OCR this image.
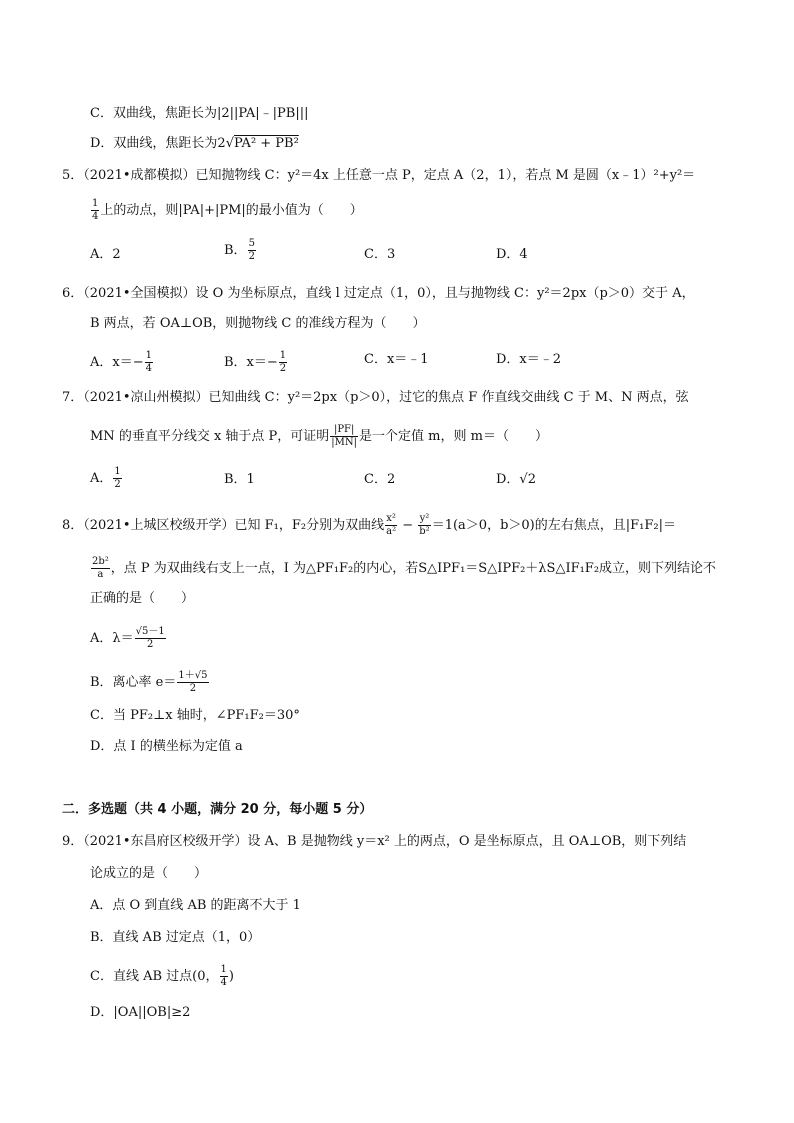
C．双曲线，焦距长为|2||PA|﹣|PB|||
D．双曲线，焦距长为2√PA² + PB²
5．（2021•成都模拟）已知抛物线 C：y²＝4x 上任意一点 P，定点 A（2，1），若点 M 是圆（x﹣1）²+y²＝
$\frac{1}{4}$ 上的动点，则|PA|+|PM|的最小值为（　　）
A．2	B． $\frac{5}{2}$	C．3	D．4
6．（2021•全国模拟）设 O 为坐标原点，直线 l 过定点（1，0），且与抛物线 C：y²＝2px（p＞0）交于 A，
B 两点，若 OA⊥OB，则抛物线 C 的准线方程为（　　）
A．$x=- \frac{1}{4}$	B．$x=- \frac{1}{2}$	C．x＝﹣1	D．x＝﹣2
7．（2021•凉山州模拟）已知曲线 C：y²＝2px（p＞0），过它的焦点 F 作直线交曲线 C 于 M、N 两点，弦
MN 的垂直平分线交 x 轴于点 P，可证明 $\frac{|PF|}{|MN|}$ 是一个定值 m，则 m＝（　　）
A． $\frac{1}{2}$	B．1	C．2	D．√2
8．（2021•上城区校级开学）已知 F₁，F₂分别为双曲线 $\frac{\text{x²}}{\text{a²}} - \frac{\text{y²}}{\text{b²}} =1(a>0$，b＞0)的左右焦点，且|F₁F₂|＝
$\frac{\text{2b²}}{a}$ ，点 P 为双曲线右支上一点，I 为△PF₁F₂的内心，若S△IPF₁＝S△IPF₂＋λS△IF₁F₂成立，则下列结论不
正确的是（　　）
A．$\lambda= \frac{√5-1}{2}$
B．离心率 $e= \frac{1+√5}{2}$
C．当 PF₂⊥x 轴时，∠PF₁F₂＝30°
D．点 I 的横坐标为定值 a
二．多选题（共 4 小题，满分 20 分，每小题 5 分）
9．（2021•东昌府区校级开学）设 A、B 是抛物线 y＝x² 上的两点，O 是坐标原点，且 OA⊥OB，则下列结
论成立的是（　　）
A．点 O 到直线 AB 的距离不大于 1
B．直线 AB 过定点（1，0）
C．直线 AB 过点(0， $\frac{1}{4}$ )
D．|OA||OB|≥2
